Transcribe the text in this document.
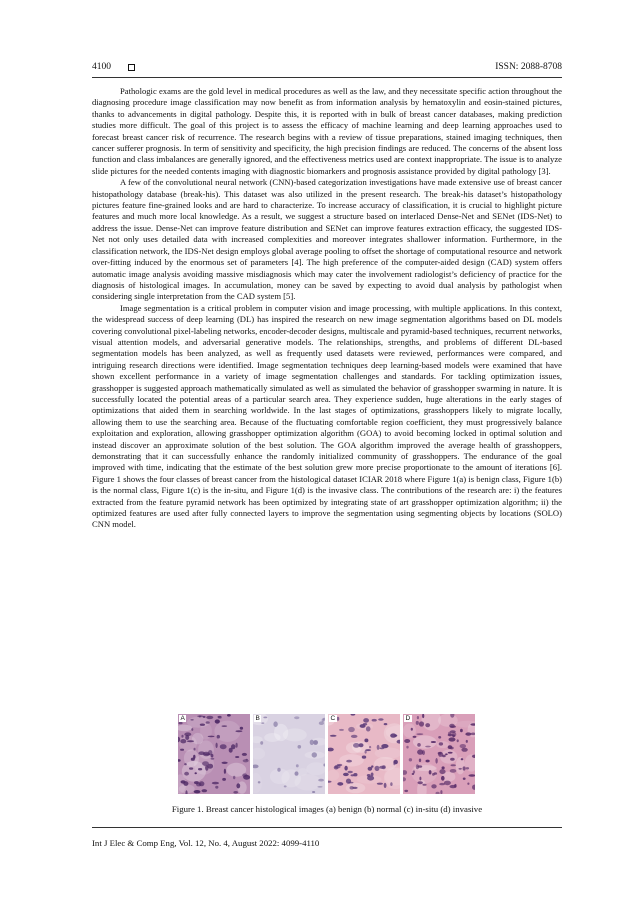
4100	ISSN: 2088-8708

Pathologic exams are the gold level in medical procedures as well as the law, and they necessitate specific action throughout the diagnosing procedure image classification may now benefit as from information analysis by hematoxylin and eosin-stained pictures, thanks to advancements in digital pathology. Despite this, it is reported with in bulk of breast cancer databases, making prediction studies more difficult. The goal of this project is to assess the efficacy of machine learning and deep learning approaches used to forecast breast cancer risk of recurrence. The research begins with a review of tissue preparations, stained imaging techniques, then cancer sufferer prognosis. In term of sensitivity and specificity, the high precision findings are reduced. The concerns of the absent loss function and class imbalances are generally ignored, and the effectiveness metrics used are context inappropriate. The issue is to analyze slide pictures for the needed contents imaging with diagnostic biomarkers and prognosis assistance provided by digital pathology [3].

A few of the convolutional neural network (CNN)-based categorization investigations have made extensive use of breast cancer histopathology database (break-his). This dataset was also utilized in the present research. The break-his dataset’s histopathology pictures feature fine-grained looks and are hard to characterize. To increase accuracy of classification, it is crucial to highlight picture features and much more local knowledge. As a result, we suggest a structure based on interlaced Dense-Net and SENet (IDS-Net) to address the issue. Dense-Net can improve feature distribution and SENet can improve features extraction efficacy, the suggested IDS-Net not only uses detailed data with increased complexities and moreover integrates shallower information. Furthermore, in the classification network, the IDS-Net design employs global average pooling to offset the shortage of computational resource and network over-fitting induced by the enormous set of parameters [4]. The high preference of the computer-aided design (CAD) system offers automatic image analysis avoiding massive misdiagnosis which may cater the involvement radiologist’s deficiency of practice for the diagnosis of histological images. In accumulation, money can be saved by expecting to avoid dual analysis by pathologist when considering single interpretation from the CAD system [5].

Image segmentation is a critical problem in computer vision and image processing, with multiple applications. In this context, the widespread success of deep learning (DL) has inspired the research on new image segmentation algorithms based on DL models covering convolutional pixel-labeling networks, encoder-decoder designs, multiscale and pyramid-based techniques, recurrent networks, visual attention models, and adversarial generative models. The relationships, strengths, and problems of different DL-based segmentation models has been analyzed, as well as frequently used datasets were reviewed, performances were compared, and intriguing research directions were identified. Image segmentation techniques deep learning-based models were examined that have shown excellent performance in a variety of image segmentation challenges and standards. For tackling optimization issues, grasshopper is suggested approach mathematically simulated as well as simulated the behavior of grasshopper swarming in nature. It is successfully located the potential areas of a particular search area. They experience sudden, huge alterations in the early stages of optimizations that aided them in searching worldwide. In the last stages of optimizations, grasshoppers likely to migrate locally, allowing them to use the searching area. Because of the fluctuating comfortable region coefficient, they must progressively balance exploitation and exploration, allowing grasshopper optimization algorithm (GOA) to avoid becoming locked in optimal solution and instead discover an approximate solution of the best solution. The GOA algorithm improved the average health of grasshoppers, demonstrating that it can successfully enhance the randomly initialized community of grasshoppers. The endurance of the goal improved with time, indicating that the estimate of the best solution grew more precise proportionate to the amount of iterations [6]. Figure 1 shows the four classes of breast cancer from the histological dataset ICIAR 2018 where Figure 1(a) is benign class, Figure 1(b) is the normal class, Figure 1(c) is the in-situ, and Figure 1(d) is the invasive class. The contributions of the research are: i) the features extracted from the feature pyramid network has been optimized by integrating state of art grasshopper optimization algorithm; ii) the optimized features are used after fully connected layers to improve the segmentation using segmenting objects by locations (SOLO) CNN model.

A	B	C	D
Figure 1. Breast cancer histological images (a) benign (b) normal (c) in-situ (d) invasive
Int J Elec & Comp Eng, Vol. 12, No. 4, August 2022: 4099-4110
